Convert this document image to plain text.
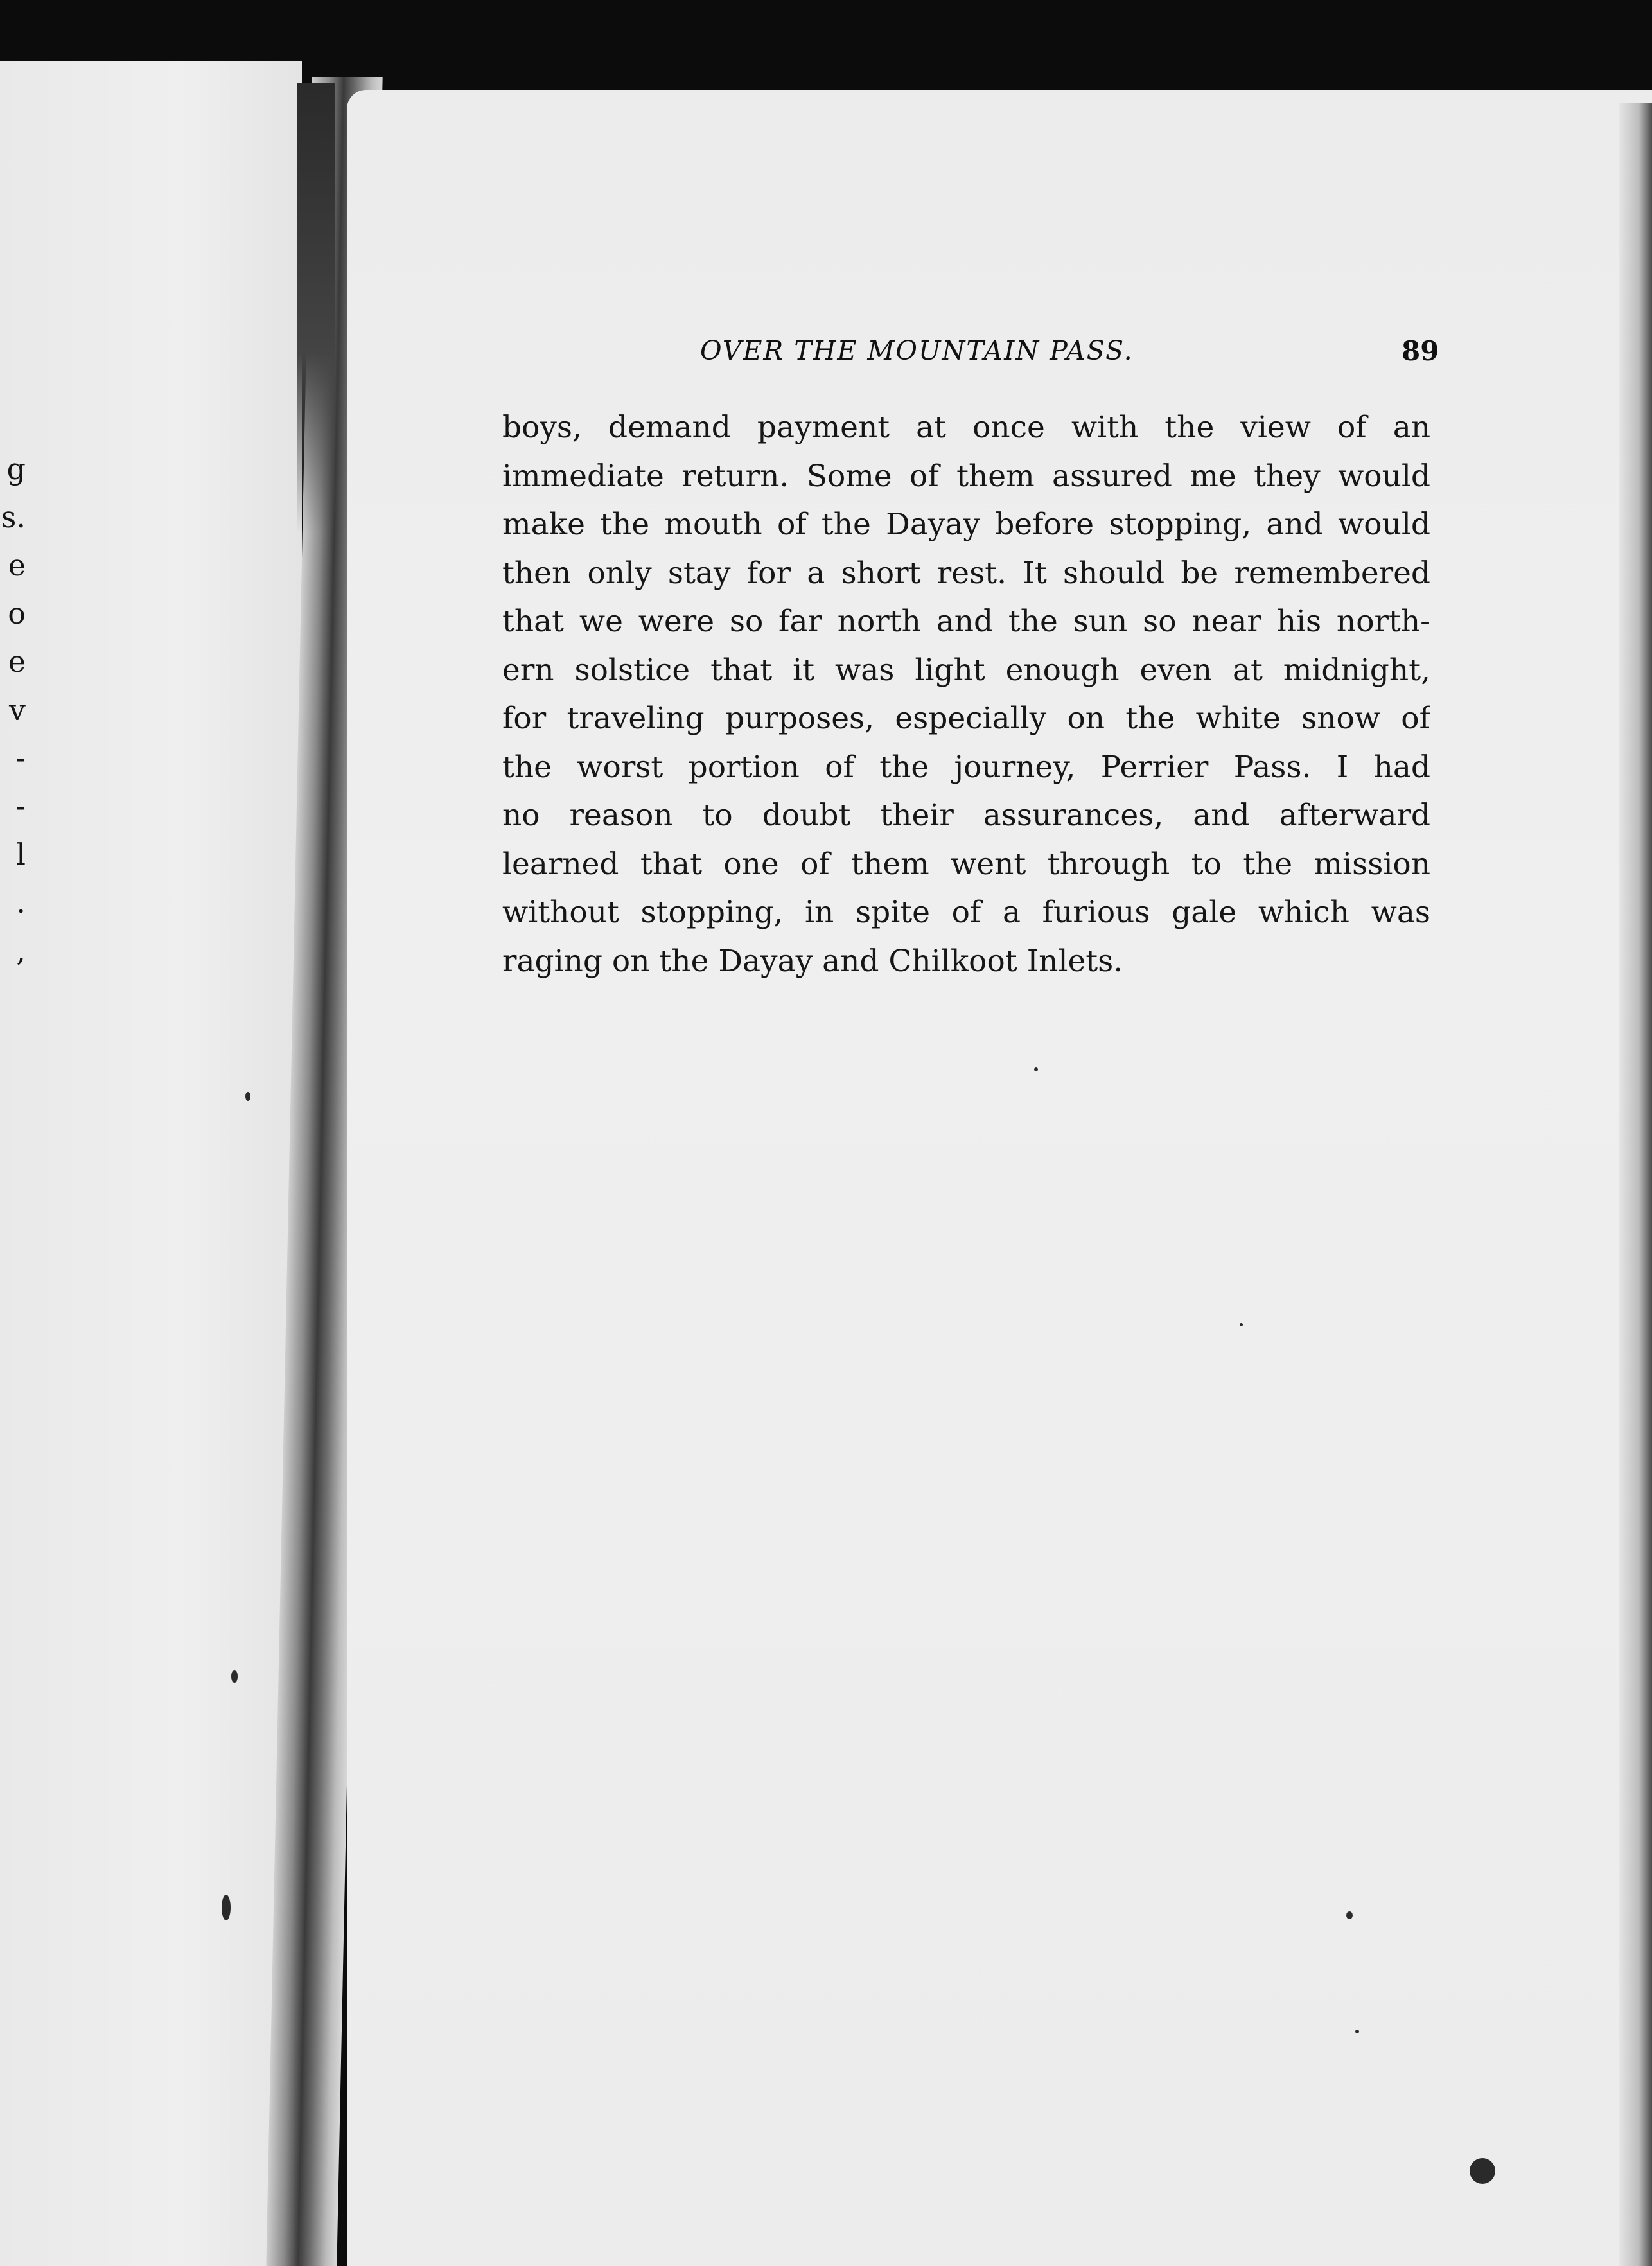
g
s.
e
o
e
v
-
-
l
.
,
OVER THE MOUNTAIN PASS.	89
boys, demand payment at once with the view of an
immediate return. Some of them assured me they would
make the mouth of the Dayay before stopping, and would
then only stay for a short rest. It should be remembered
that we were so far north and the sun so near his north-
ern solstice that it was light enough even at midnight,
for traveling purposes, especially on the white snow of
the worst portion of the journey, Perrier Pass. I had
no reason to doubt their assurances, and afterward
learned that one of them went through to the mission
without stopping, in spite of a furious gale which was
raging on the Dayay and Chilkoot Inlets.
